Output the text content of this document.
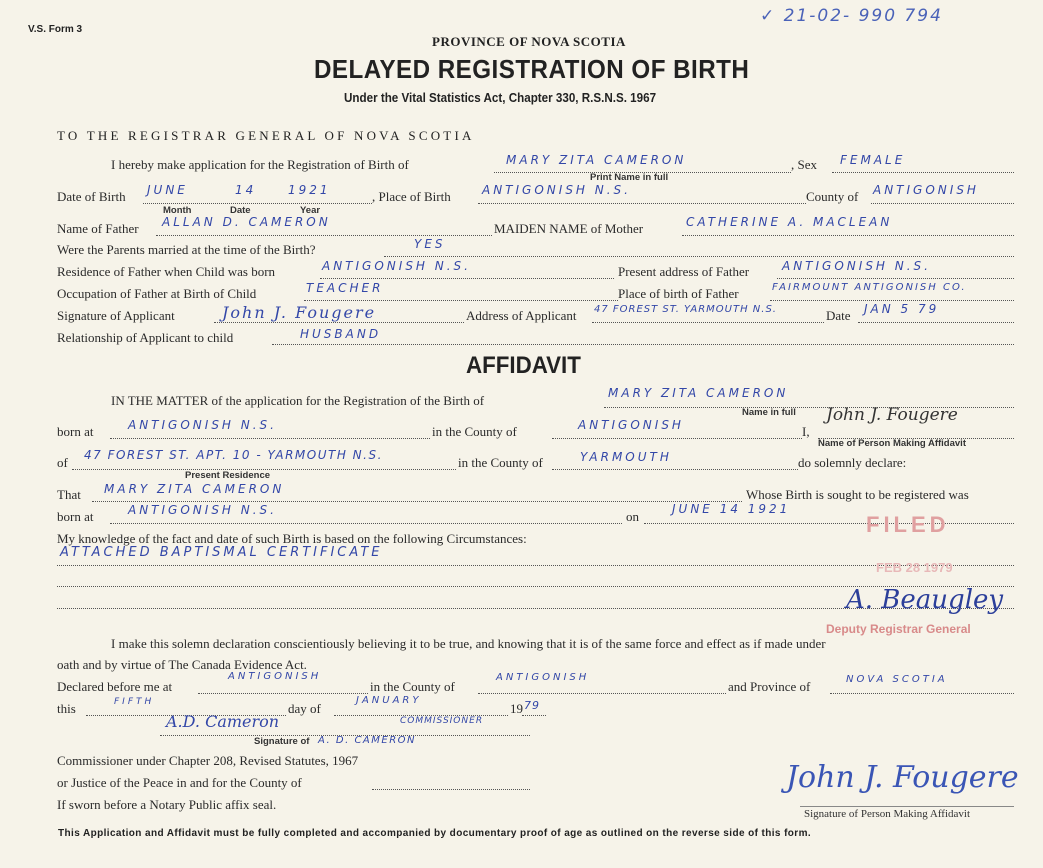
V.S. Form 3
✓ 21-02- 990 794
PROVINCE OF NOVA SCOTIA
DELAYED REGISTRATION OF BIRTH
Under the Vital Statistics Act, Chapter 330, R.S.N.S. 1967
TO THE REGISTRAR GENERAL OF NOVA SCOTIA
I hereby make application for the Registration of Birth of	MARY ZITA CAMERON	, Sex FEMALE
Print Name in full
Date of Birth JUNE	14	1921	, Place of Birth	ANTIGONISH N.S.	County of ANTIGONISH
Month	Date	Year
Name of Father ALLAN D. CAMERON	MAIDEN NAME of Mother	CATHERINE A. MACLEAN
Were the Parents married at the time of the Birth?	YES
Residence of Father when Child was born	ANTIGONISH N.S.	Present address of Father	ANTIGONISH N.S.
Occupation of Father at Birth of Child	TEACHER	Place of birth of Father	FAIRMOUNT ANTIGONISH CO.
Signature of Applicant	John J. Fougere	Address of Applicant 47 FOREST ST. YARMOUTH N.S.	Date JAN 5 79
Relationship of Applicant to child	HUSBAND
AFFIDAVIT
IN THE MATTER of the application for the Registration of the Birth of	MARY ZITA CAMERON
Name in full
born at	ANTIGONISH N.S.	in the County of	ANTIGONISH	I,
John J. Fougere
Name of Person Making Affidavit
of 47 FOREST ST. APT. 10 - YARMOUTH N.S.
Present Residence
in the County of	YARMOUTH	do solemnly declare:
That MARY ZITA CAMERON	Whose Birth is sought to be registered was
born at	ANTIGONISH N.S.	on	JUNE 14 1921
My knowledge of the fact and date of such Birth is based on the following Circumstances:
ATTACHED BAPTISMAL CERTIFICATE
FILED
FEB 28 1979
A. Beaugley
Deputy Registrar General
I make this solemn declaration conscientiously believing it to be true, and knowing that it is of the same force and effect as if made under
oath and by virtue of The Canada Evidence Act.
Declared before me at
ANTIGONISH
in the County of
ANTIGONISH
and Province of	NOVA SCOTIA
this	FIFTH	day of
JANUARY
19 79
A.D. Cameron	COMMISSIONER
Signature of A. D. CAMERON
Commissioner under Chapter 208, Revised Statutes, 1967
or Justice of the Peace in and for the County of
If sworn before a Notary Public affix seal.
John J. Fougere
Signature of Person Making Affidavit
This Application and Affidavit must be fully completed and accompanied by documentary proof of age as outlined on the reverse side of this form.
